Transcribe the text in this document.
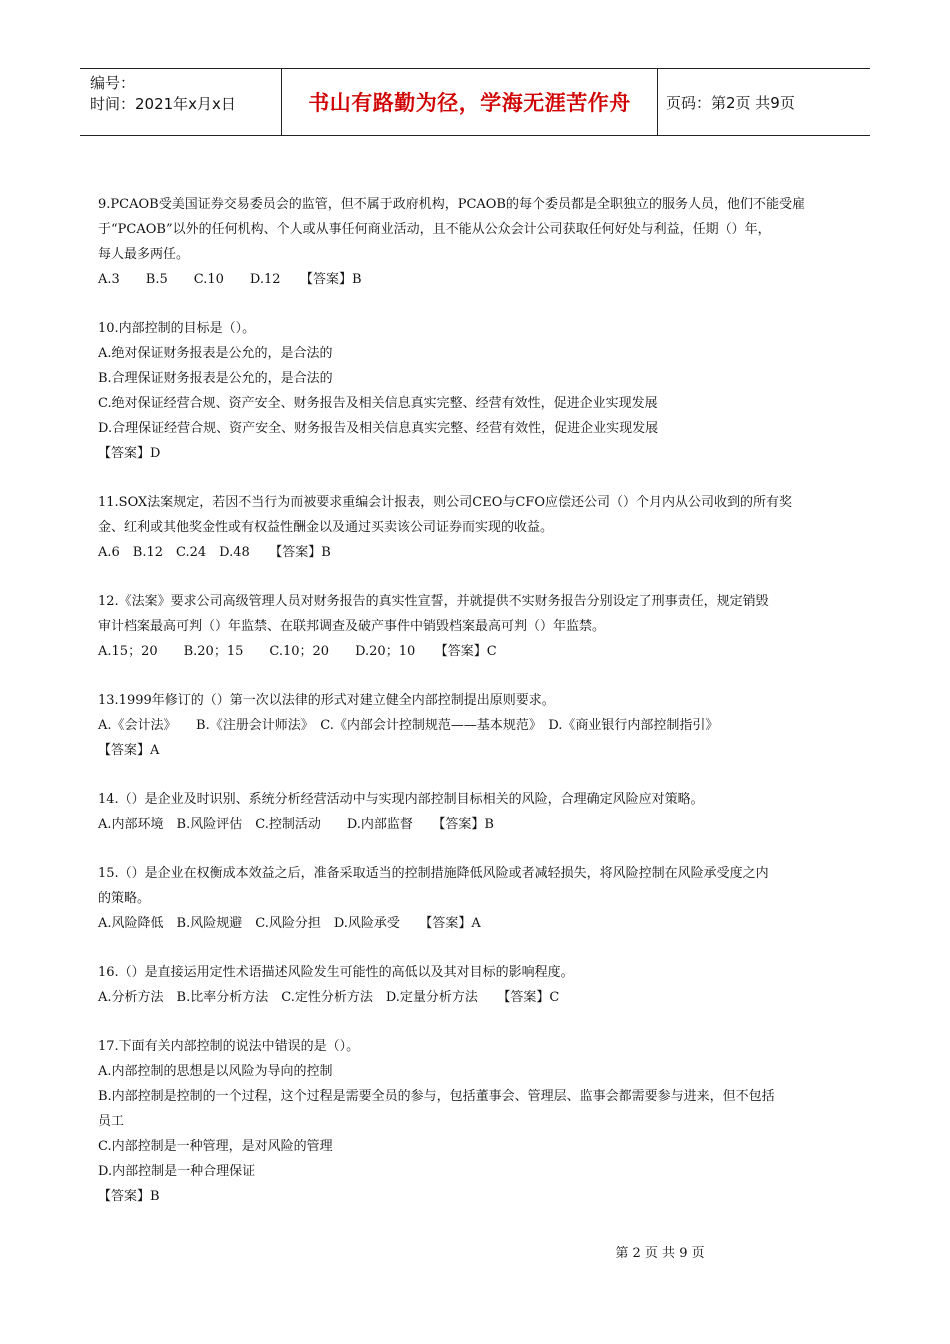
编号：
时间：2021年x月x日	书山有路勤为径，学海无涯苦作舟	页码：第2页 共9页

9.PCAOB受美国证券交易委员会的监管，但不属于政府机构，PCAOB的每个委员都是全职独立的服务人员，他们不能受雇

于“PCAOB”以外的任何机构、个人或从事任何商业活动，且不能从公众会计公司获取任何好处与利益，任期（）年，

每人最多两任。

A.3　　B.5　　C.10　　D.12　　【答案】B

10.内部控制的目标是（）。

A.绝对保证财务报表是公允的，是合法的

B.合理保证财务报表是公允的，是合法的

C.绝对保证经营合规、资产安全、财务报告及相关信息真实完整、经营有效性，促进企业实现发展

D.合理保证经营合规、资产安全、财务报告及相关信息真实完整、经营有效性，促进企业实现发展

【答案】D

11.SOX法案规定，若因不当行为而被要求重编会计报表，则公司CEO与CFO应偿还公司（）个月内从公司收到的所有奖

金、红利或其他奖金性或有权益性酬金以及通过买卖该公司证券而实现的收益。

A.6　B.12　C.24　D.48　　【答案】B

12.《法案》要求公司高级管理人员对财务报告的真实性宣誓，并就提供不实财务报告分别设定了刑事责任，规定销毁

审计档案最高可判（）年监禁、在联邦调查及破产事件中销毁档案最高可判（）年监禁。

A.15；20　　B.20；15　　C.10；20　　D.20；10　　【答案】C

13.1999年修订的（）第一次以法律的形式对建立健全内部控制提出原则要求。

A.《会计法》　　B.《注册会计师法》　C.《内部会计控制规范——基本规范》　D.《商业银行内部控制指引》

【答案】A

14.（）是企业及时识别、系统分析经营活动中与实现内部控制目标相关的风险，合理确定风险应对策略。

A.内部环境　B.风险评估　C.控制活动　　D.内部监督　　【答案】B

15.（）是企业在权衡成本效益之后，准备采取适当的控制措施降低风险或者减轻损失，将风险控制在风险承受度之内

的策略。

A.风险降低　B.风险规避　C.风险分担　D.风险承受　　【答案】A

16.（）是直接运用定性术语描述风险发生可能性的高低以及其对目标的影响程度。

A.分析方法　B.比率分析方法　C.定性分析方法　D.定量分析方法　　【答案】C

17.下面有关内部控制的说法中错误的是（）。

A.内部控制的思想是以风险为导向的控制

B.内部控制是控制的一个过程，这个过程是需要全员的参与，包括董事会、管理层、监事会都需要参与进来，但不包括

员工

C.内部控制是一种管理，是对风险的管理

D.内部控制是一种合理保证

【答案】B

第 2 页 共 9 页
